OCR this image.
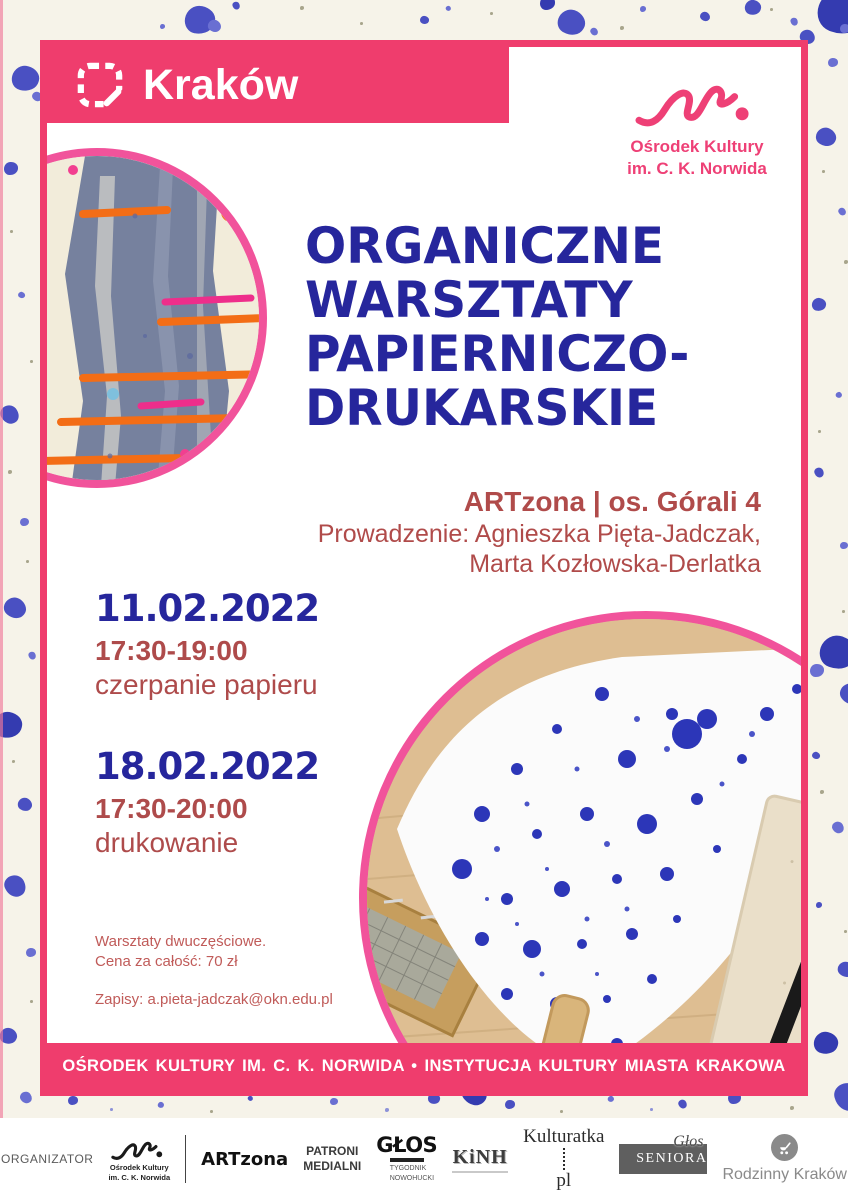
Kraków
Ośrodek Kultury
im. C. K. Norwida
ORGANICZNE
WARSZTATY
PAPIERNICZO-
DRUKARSKIE
ARTzona | os. Górali 4
Prowadzenie: Agnieszka Pięta-Jadczak,
Marta Kozłowska-Derlatka
11.02.2022
17:30-19:00
czerpanie papieru
18.02.2022
17:30-20:00
drukowanie
Warsztaty dwuczęściowe.
Cena za całość: 70 zł
Zapisy: a.pieta-jadczak@okn.edu.pl
OŚRODEK KULTURY IM. C. K. NORWIDA • INSTYTUCJA KULTURY MIASTA KRAKOWA
ORGANIZATOR
Ośrodek Kultury
im. C. K. Norwida
ARTzona PATRONI
MEDIALNI
GŁOS
TYGODNIK
NOWOHUCKI
KiNH
Kulturatka
pl
Głos
SENIORA
Rodzinny Kraków
